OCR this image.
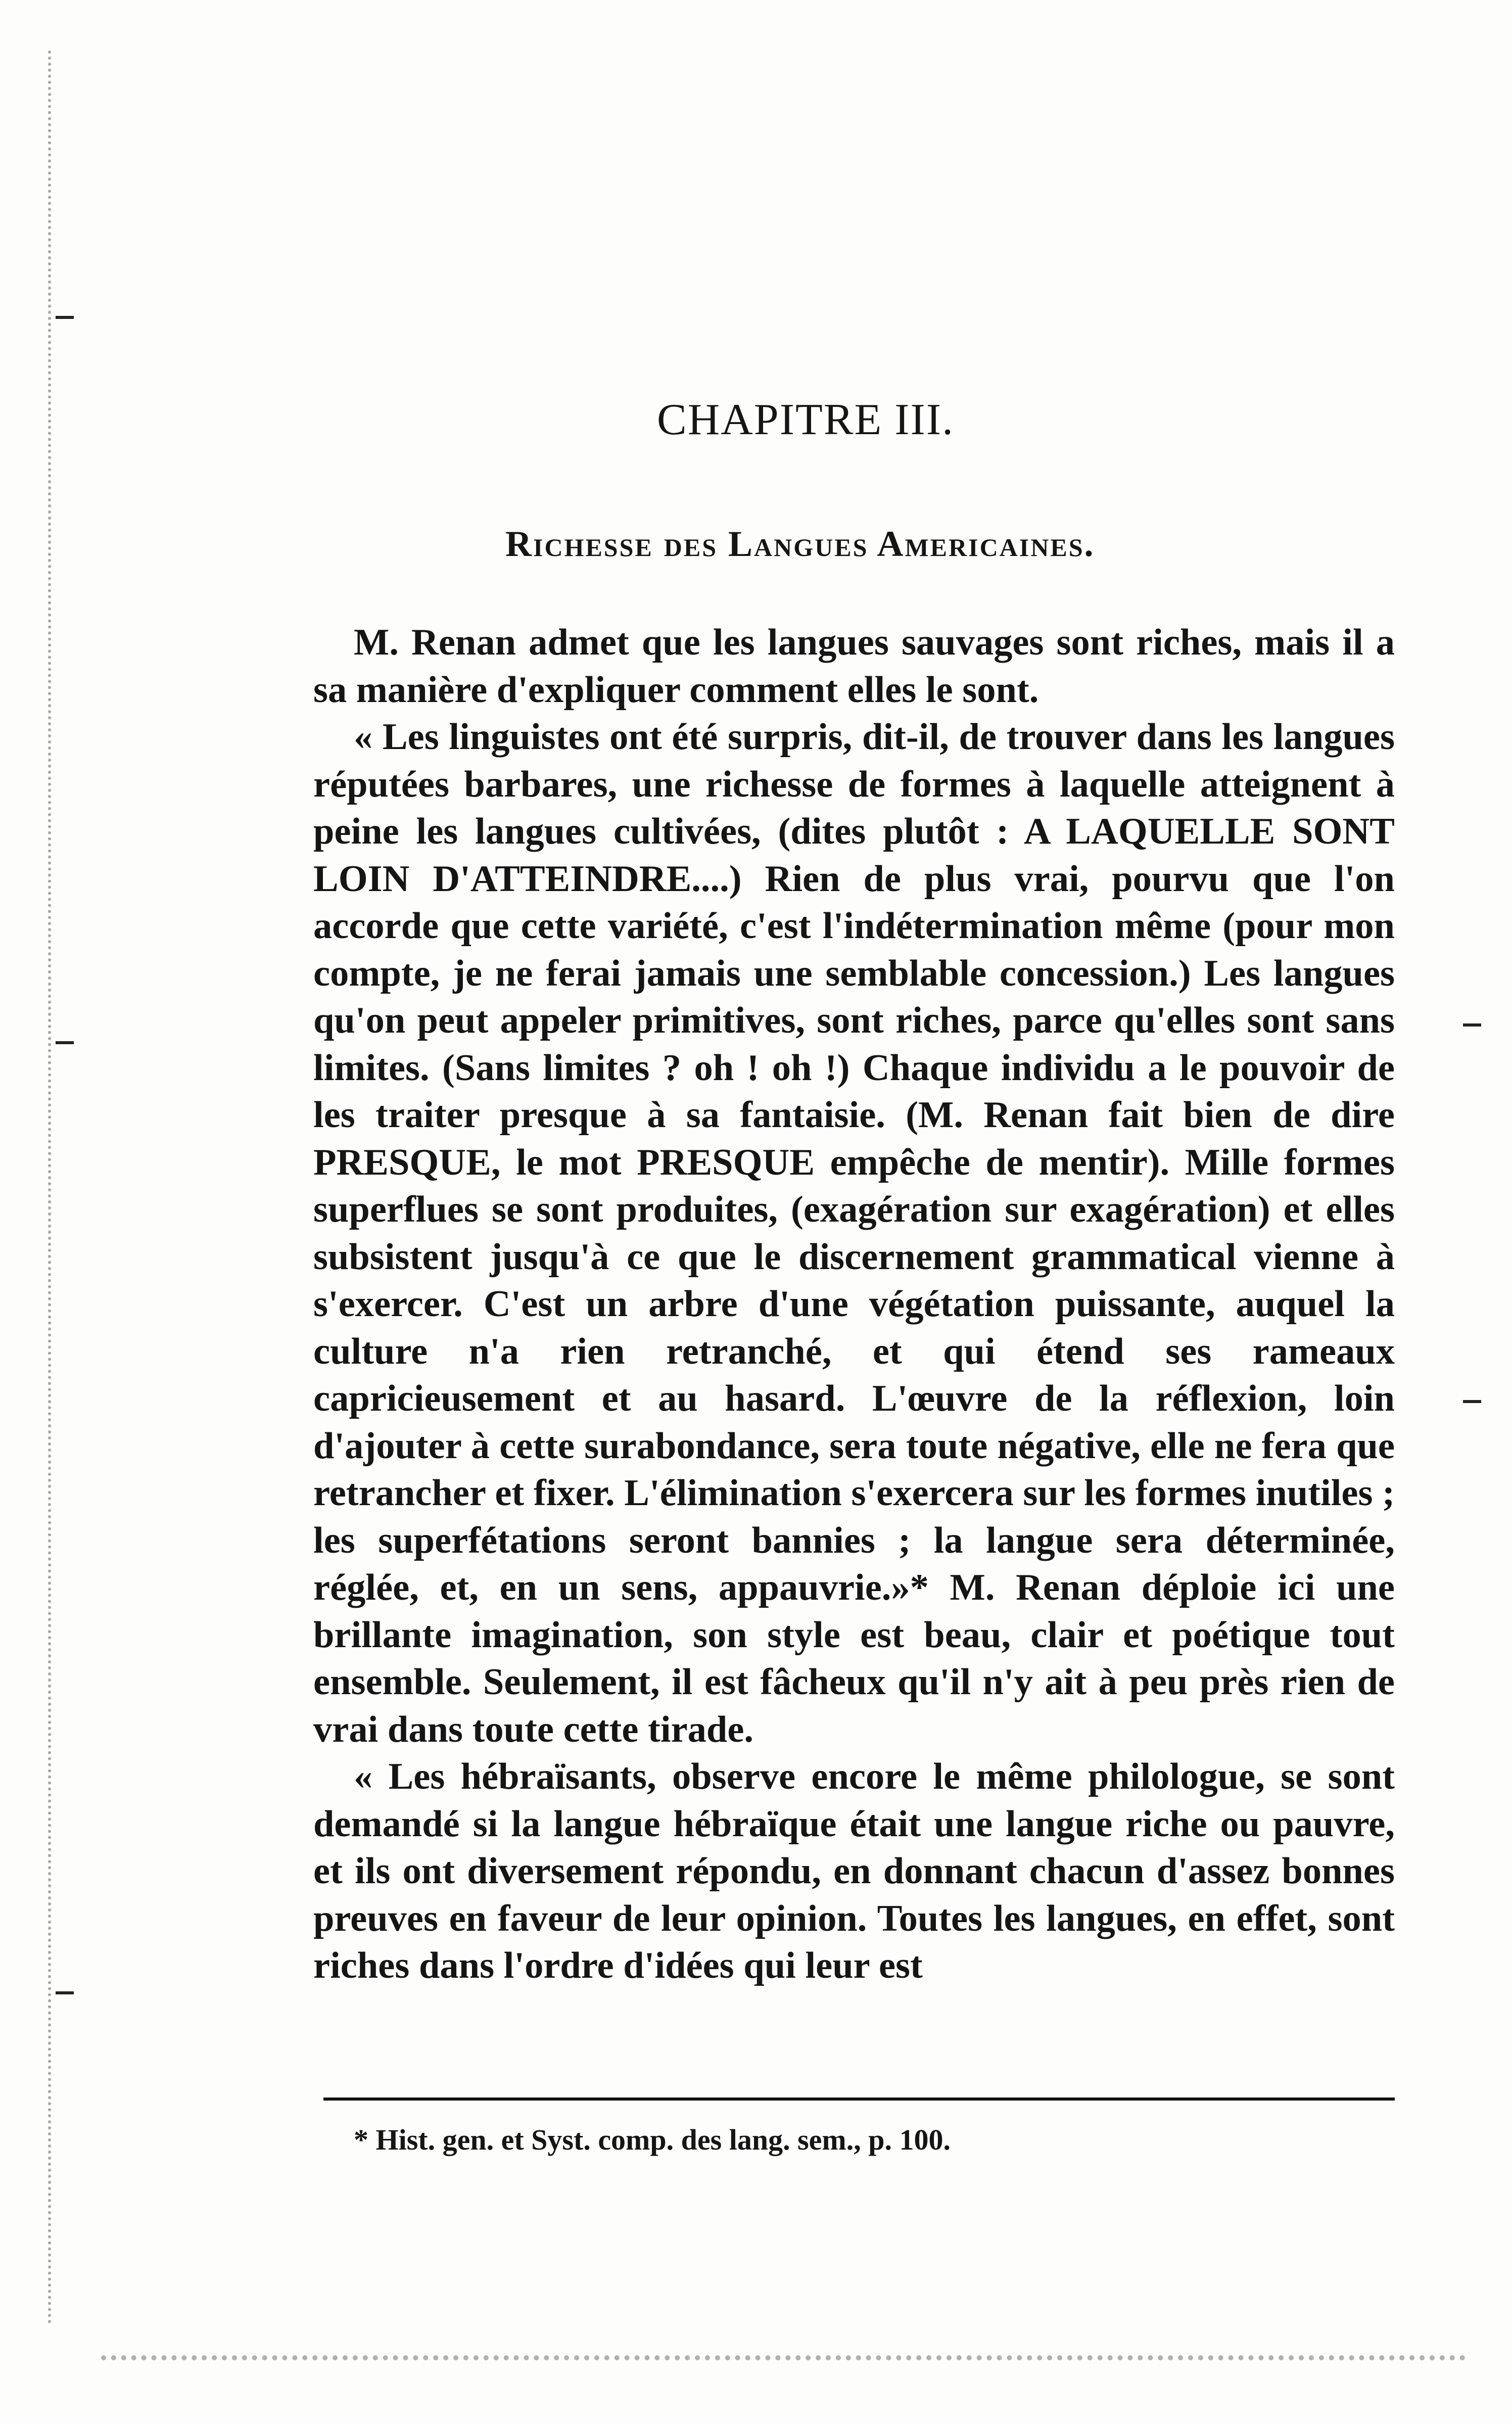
CHAPITRE III.
Richesse des Langues Americaines.

M. Renan admet que les langues sauvages sont riches, mais il a sa manière d'expliquer comment elles le sont.

« Les linguistes ont été surpris, dit-il, de trouver dans les langues réputées barbares, une richesse de formes à laquelle atteignent à peine les langues cultivées, (dites plutôt : A LAQUELLE SONT LOIN D'ATTEINDRE....) Rien de plus vrai, pourvu que l'on accorde que cette variété, c'est l'indétermination même (pour mon compte, je ne ferai jamais une semblable concession.) Les langues qu'on peut appeler primitives, sont riches, parce qu'elles sont sans limites. (Sans limites ? oh ! oh !) Chaque individu a le pouvoir de les traiter presque à sa fantaisie. (M. Renan fait bien de dire PRESQUE, le mot PRESQUE empêche de mentir). Mille formes superflues se sont produites, (exagération sur exagération) et elles subsistent jusqu'à ce que le discernement grammatical vienne à s'exercer. C'est un arbre d'une végétation puissante, auquel la culture n'a rien retranché, et qui étend ses rameaux capricieusement et au hasard. L'œuvre de la réflexion, loin d'ajouter à cette surabondance, sera toute négative, elle ne fera que retrancher et fixer. L'élimination s'exercera sur les formes inutiles ; les superfétations seront bannies ; la langue sera déterminée, réglée, et, en un sens, appauvrie.»* M. Renan déploie ici une brillante imagination, son style est beau, clair et poétique tout ensemble. Seulement, il est fâcheux qu'il n'y ait à peu près rien de vrai dans toute cette tirade.

« Les hébraïsants, observe encore le même philologue, se sont demandé si la langue hébraïque était une langue riche ou pauvre, et ils ont diversement répondu, en donnant chacun d'assez bonnes preuves en faveur de leur opinion. Toutes les langues, en effet, sont riches dans l'ordre d'idées qui leur est

* Hist. gen. et Syst. comp. des lang. sem., p. 100.
